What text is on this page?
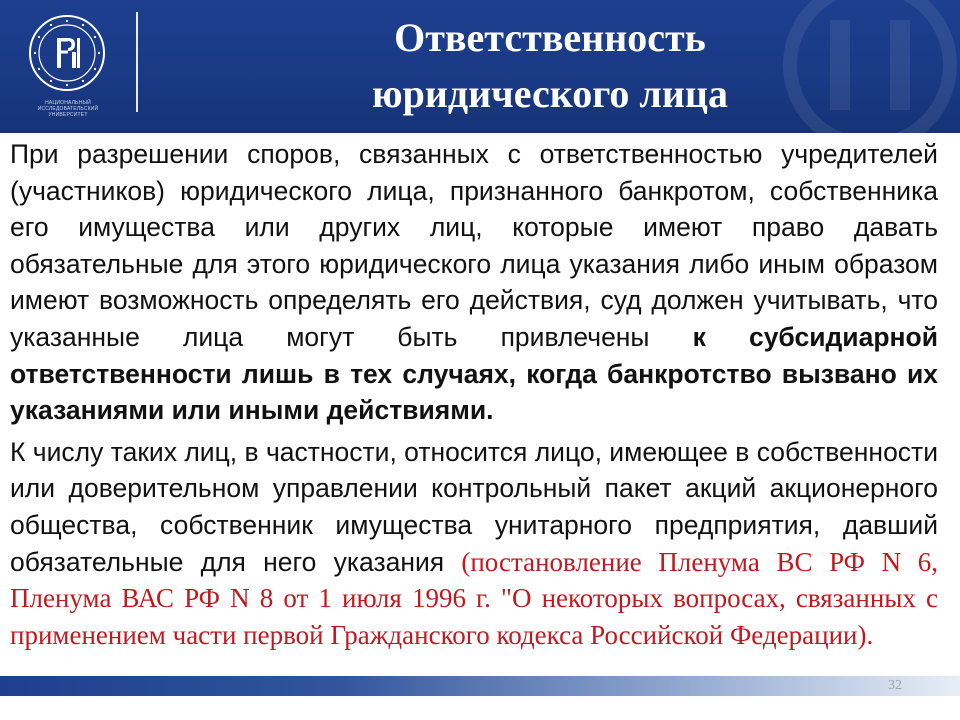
НАЦИОНАЛЬНЫЙ ИССЛЕДОВАТЕЛЬСКИЙ УНИВЕРСИТЕТ
Ответственность
юридического лица

При разрешении споров, связанных с ответственностью учредителей (участников) юридического лица, признанного банкротом, собственника его имущества или других лиц, которые имеют право давать обязательные для этого юридического лица указания либо иным образом имеют возможность определять его действия, суд должен учитывать, что указанные лица могут быть привлечены к субсидиарной ответственности лишь в тех случаях, когда банкротство вызвано их указаниями или иными действиями.

К числу таких лиц, в частности, относится лицо, имеющее в собственности или доверительном управлении контрольный пакет акций акционерного общества, собственник имущества унитарного предприятия, давший обязательные для него указания (постановление Пленума ВС РФ N 6, Пленума ВАС РФ N 8 от 1 июля 1996 г. "О некоторых вопросах, связанных с применением части первой Гражданского кодекса Российской Федерации).

32
